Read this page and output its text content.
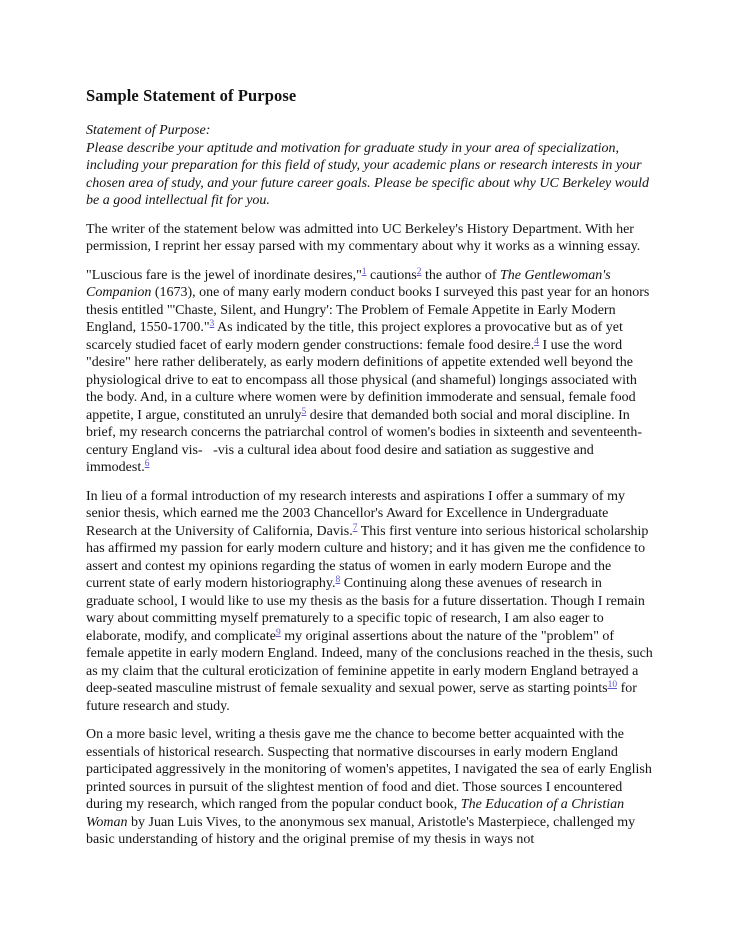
Sample Statement of Purpose

Statement of Purpose:
Please describe your aptitude and motivation for graduate study in your area of specialization, including your preparation for this field of study, your academic plans or research interests in your chosen area of study, and your future career goals. Please be specific about why UC Berkeley would be a good intellectual fit for you.

The writer of the statement below was admitted into UC Berkeley's History Department. With her permission, I reprint her essay parsed with my commentary about why it works as a winning essay.

"Luscious fare is the jewel of inordinate desires,"$^1$ cautions$^2$ the author of The Gentlewoman's Companion (1673), one of many early modern conduct books I surveyed this past year for an honors thesis entitled "'Chaste, Silent, and Hungry': The Problem of Female Appetite in Early Modern England, 1550-1700."$^3$ As indicated by the title, this project explores a provocative but as of yet scarcely studied facet of early modern gender constructions: female food desire.$^4$ I use the word "desire" here rather deliberately, as early modern definitions of appetite extended well beyond the physiological drive to eat to encompass all those physical (and shameful) longings associated with the body. And, in a culture where women were by definition immoderate and sensual, female food appetite, I argue, constituted an unruly$^5$ desire that demanded both social and moral discipline. In brief, my research concerns the patriarchal control of women's bodies in sixteenth and seventeenth-century England vis-   -vis a cultural idea about food desire and satiation as suggestive and immodest.$^6$

In lieu of a formal introduction of my research interests and aspirations I offer a summary of my senior thesis, which earned me the 2003 Chancellor's Award for Excellence in Undergraduate Research at the University of California, Davis.$^7$ This first venture into serious historical scholarship has affirmed my passion for early modern culture and history; and it has given me the confidence to assert and contest my opinions regarding the status of women in early modern Europe and the current state of early modern historiography.$^8$ Continuing along these avenues of research in graduate school, I would like to use my thesis as the basis for a future dissertation. Though I remain wary about committing myself prematurely to a specific topic of research, I am also eager to elaborate, modify, and complicate$^9$ my original assertions about the nature of the "problem" of female appetite in early modern England. Indeed, many of the conclusions reached in the thesis, such as my claim that the cultural eroticization of feminine appetite in early modern England betrayed a deep-seated masculine mistrust of female sexuality and sexual power, serve as starting points$^{10}$ for future research and study.

On a more basic level, writing a thesis gave me the chance to become better acquainted with the essentials of historical research. Suspecting that normative discourses in early modern England participated aggressively in the monitoring of women's appetites, I navigated the sea of early English printed sources in pursuit of the slightest mention of food and diet. Those sources I encountered during my research, which ranged from the popular conduct book, The Education of a Christian Woman by Juan Luis Vives, to the anonymous sex manual, Aristotle's Masterpiece, challenged my basic understanding of history and the original premise of my thesis in ways not
